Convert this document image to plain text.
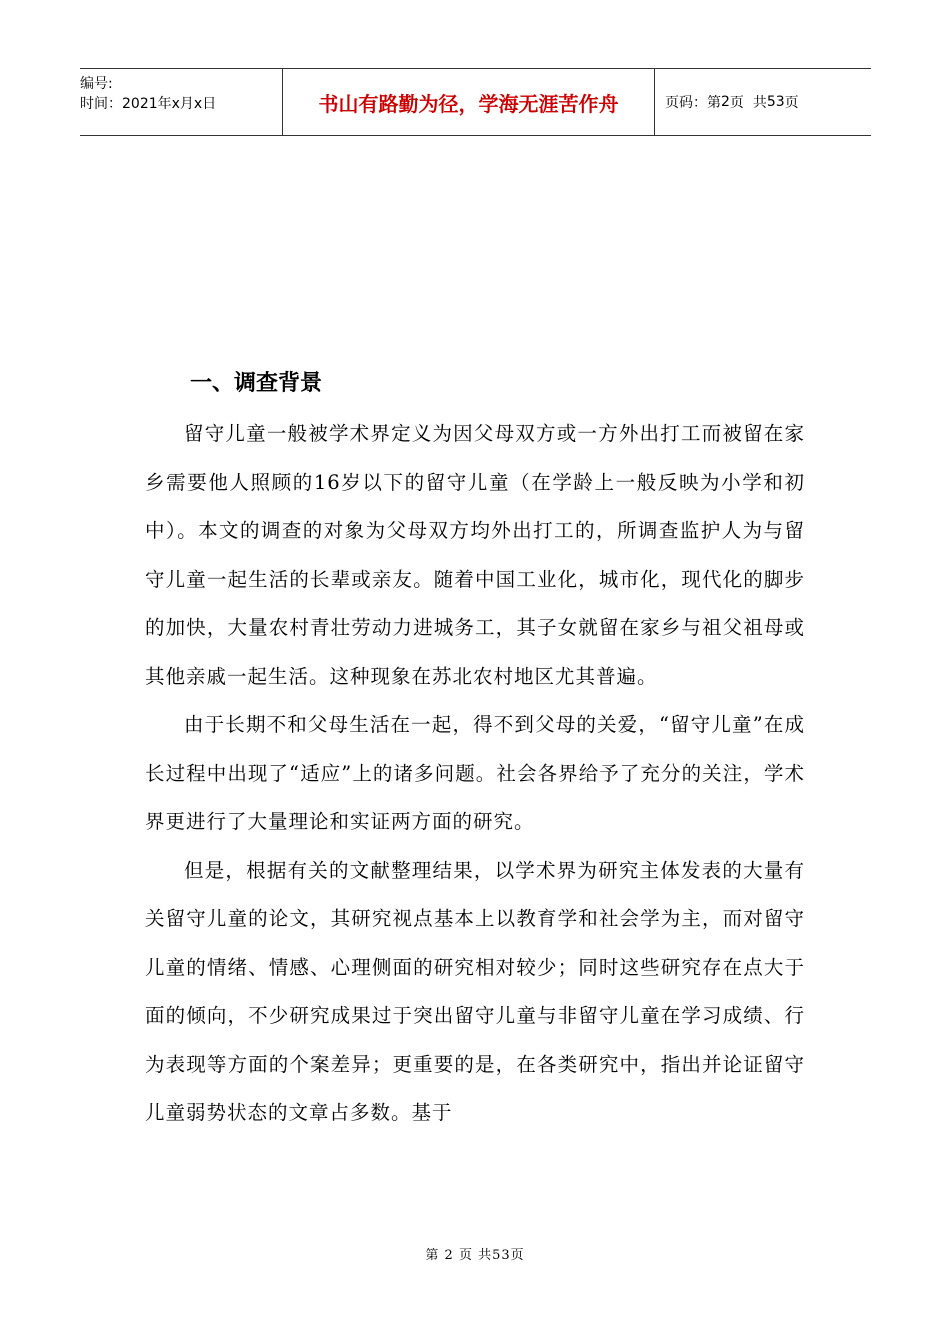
编号:
时间：2021年x月x日	书山有路勤为径，学海无涯苦作舟	页码：第 2 页  共 53 页
一、调查背景

留守儿童一般被学术界定义为因父母双方或一方外出打工而被留在家乡需要他人照顾的16岁以下的留守儿童（在学龄上一般反映为小学和初中）。本文的调查的对象为父母双方均外出打工的，所调查监护人为与留守儿童一起生活的长辈或亲友。随着中国工业化，城市化，现代化的脚步的加快，大量农村青壮劳动力进城务工，其子女就留在家乡与祖父祖母或其他亲戚一起生活。这种现象在苏北农村地区尤其普遍。

由于长期不和父母生活在一起，得不到父母的关爱，“留守儿童”在成长过程中出现了“适应”上的诸多问题。社会各界给予了充分的关注，学术界更进行了大量理论和实证两方面的研究。

但是，根据有关的文献整理结果，以学术界为研究主体发表的大量有关留守儿童的论文，其研究视点基本上以教育学和社会学为主，而对留守儿童的情绪、情感、心理侧面的研究相对较少；同时这些研究存在点大于面的倾向，不少研究成果过于突出留守儿童与非留守儿童在学习成绩、行为表现等方面的个案差异；更重要的是，在各类研究中，指出并论证留守儿童弱势状态的文章占多数。基于

第 2 页 共53页
